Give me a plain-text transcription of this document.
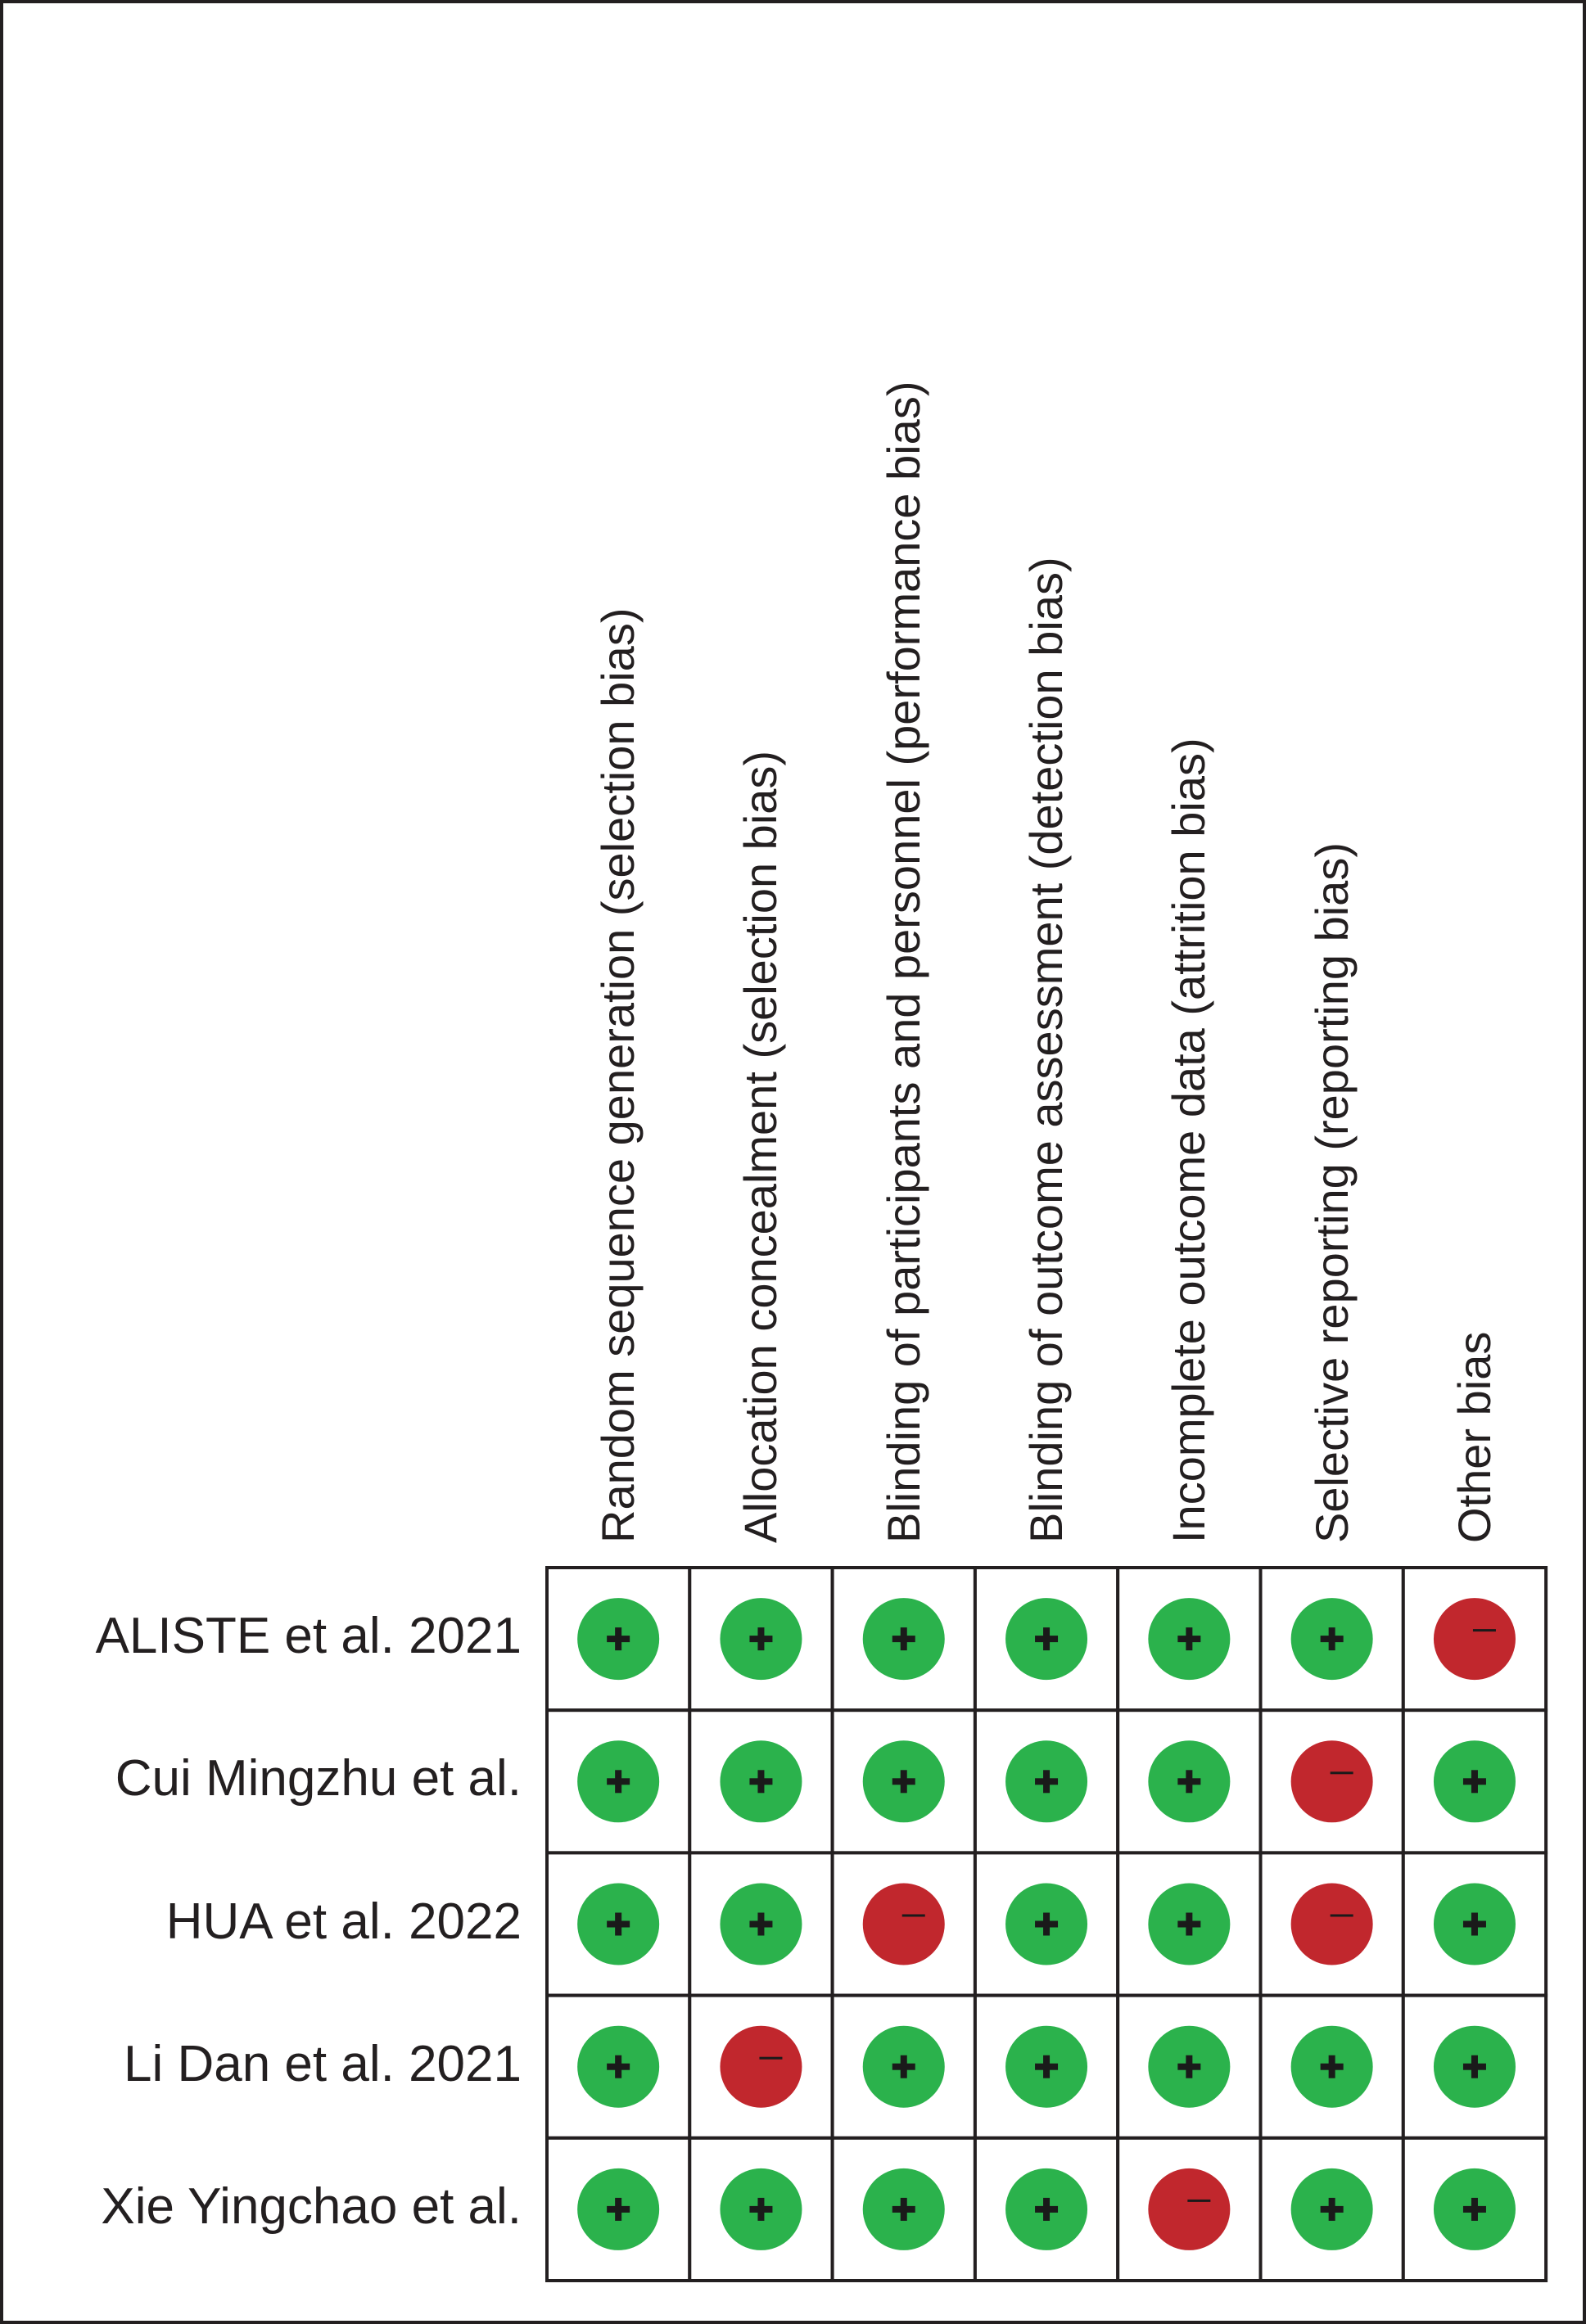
Random sequence generation (selection bias) Allocation concealment (selection bias) Blinding of participants and personnel (performance bias) Blinding of outcome assessment (detection bias) Incomplete outcome data (attrition bias) Selective reporting (reporting bias) Other bias
ALISTE et al. 2021
Cui Mingzhu et al.
HUA et al. 2022
Li Dan et al. 2021
Xie Yingchao et al.
